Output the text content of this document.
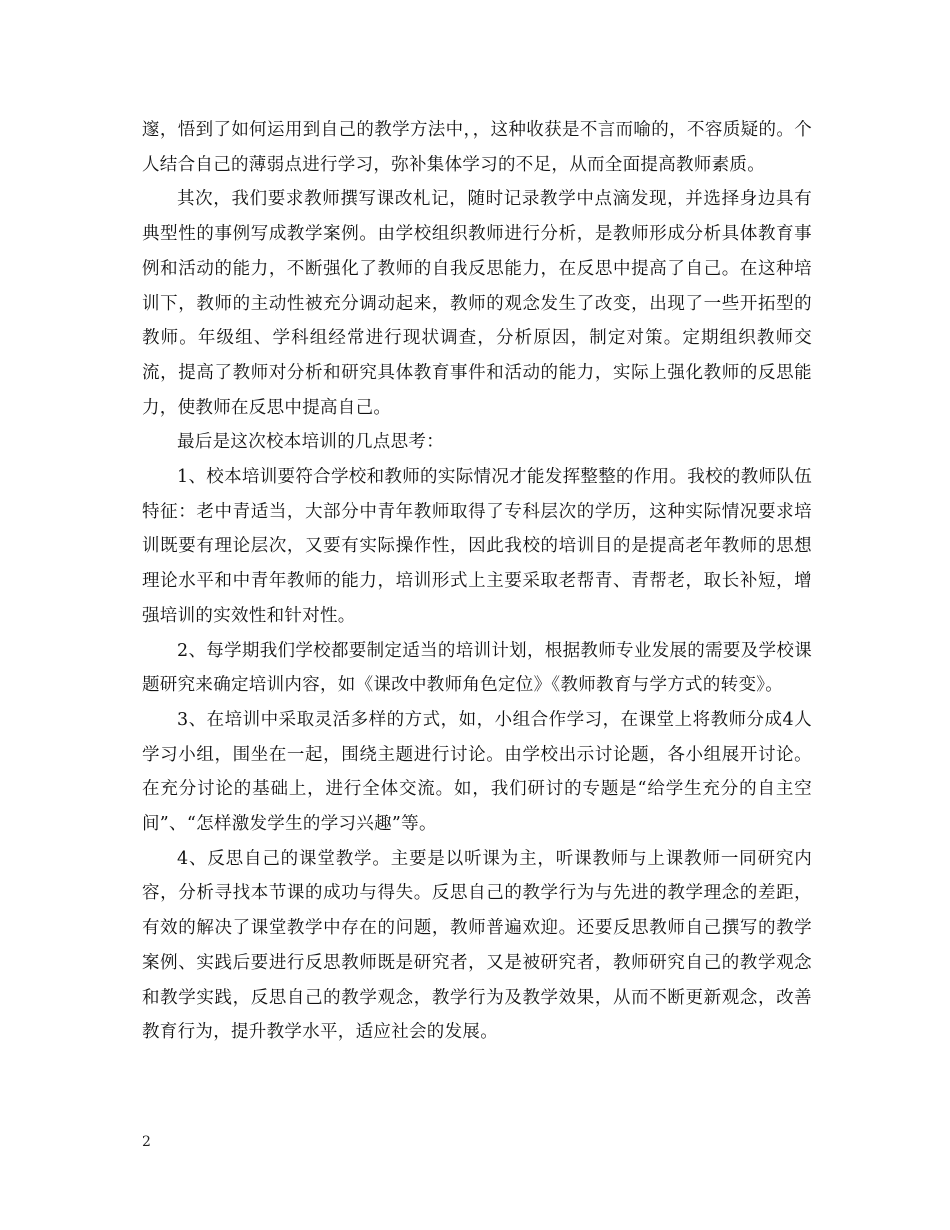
邃，悟到了如何运用到自己的教学方法中，，这种收获是不言而喻的，不容质疑的。个人结合自己的薄弱点进行学习，弥补集体学习的不足，从而全面提高教师素质。

其次，我们要求教师撰写课改札记，随时记录教学中点滴发现，并选择身边具有典型性的事例写成教学案例。由学校组织教师进行分析，是教师形成分析具体教育事例和活动的能力，不断强化了教师的自我反思能力，在反思中提高了自己。在这种培训下，教师的主动性被充分调动起来，教师的观念发生了改变，出现了一些开拓型的教师。年级组、学科组经常进行现状调查，分析原因，制定对策。定期组织教师交流，提高了教师对分析和研究具体教育事件和活动的能力，实际上强化教师的反思能力，使教师在反思中提高自己。

最后是这次校本培训的几点思考：

1、校本培训要符合学校和教师的实际情况才能发挥整整的作用。我校的教师队伍特征：老中青适当，大部分中青年教师取得了专科层次的学历，这种实际情况要求培训既要有理论层次，又要有实际操作性，因此我校的培训目的是提高老年教师的思想理论水平和中青年教师的能力，培训形式上主要采取老帮青、青帮老，取长补短，增强培训的实效性和针对性。

2、每学期我们学校都要制定适当的培训计划，根据教师专业发展的需要及学校课题研究来确定培训内容，如《课改中教师角色定位》《教师教育与学方式的转变》。

3、在培训中采取灵活多样的方式，如，小组合作学习，在课堂上将教师分成4人学习小组，围坐在一起，围绕主题进行讨论。由学校出示讨论题，各小组展开讨论。在充分讨论的基础上，进行全体交流。如，我们研讨的专题是“给学生充分的自主空间”、“怎样激发学生的学习兴趣”等。

4、反思自己的课堂教学。主要是以听课为主，听课教师与上课教师一同研究内容，分析寻找本节课的成功与得失。反思自己的教学行为与先进的教学理念的差距，有效的解决了课堂教学中存在的问题，教师普遍欢迎。还要反思教师自己撰写的教学案例、实践后要进行反思教师既是研究者，又是被研究者，教师研究自己的教学观念和教学实践，反思自己的教学观念，教学行为及教学效果，从而不断更新观念，改善教育行为，提升教学水平，适应社会的发展。

2
